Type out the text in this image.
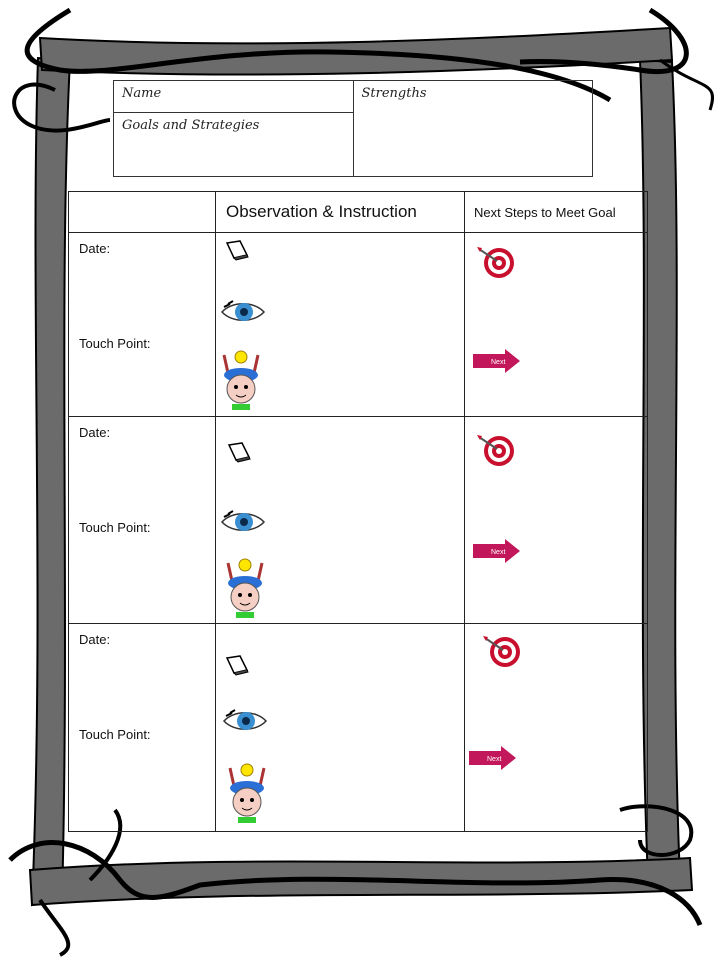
Name	Strengths
Goals and Strategies
	Observation & Instruction	Next Steps to Meet Goal

Date:
Touch Point:		Next

Date:
Touch Point:		Next

Date:
Touch Point:		Next
